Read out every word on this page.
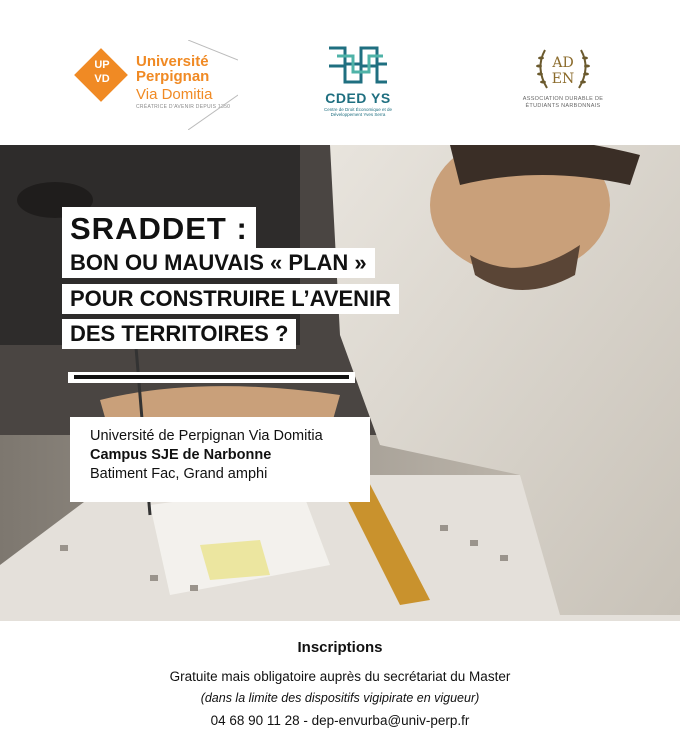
UP
VD
Université
Perpignan
Via Domitia
CRÉATRICE D'AVENIR DEPUIS 1350
CDED YS
Centre de Droit Économique et de Développement Yves Serra
AD
EN
ASSOCIATION DURABLE DE ÉTUDIANTS NARBONNAIS
SRADDET :
BON OU MAUVAIS « PLAN »
POUR CONSTRUIRE L’AVENIR
DES TERRITOIRES ?
Université de Perpignan Via Domitia
Campus SJE de Narbonne
Batiment Fac, Grand amphi
Inscriptions
Gratuite mais obligatoire auprès du secrétariat du Master
(dans la limite des dispositifs vigipirate en vigueur)
04 68 90 11 28 - dep-envurba@univ-perp.fr
